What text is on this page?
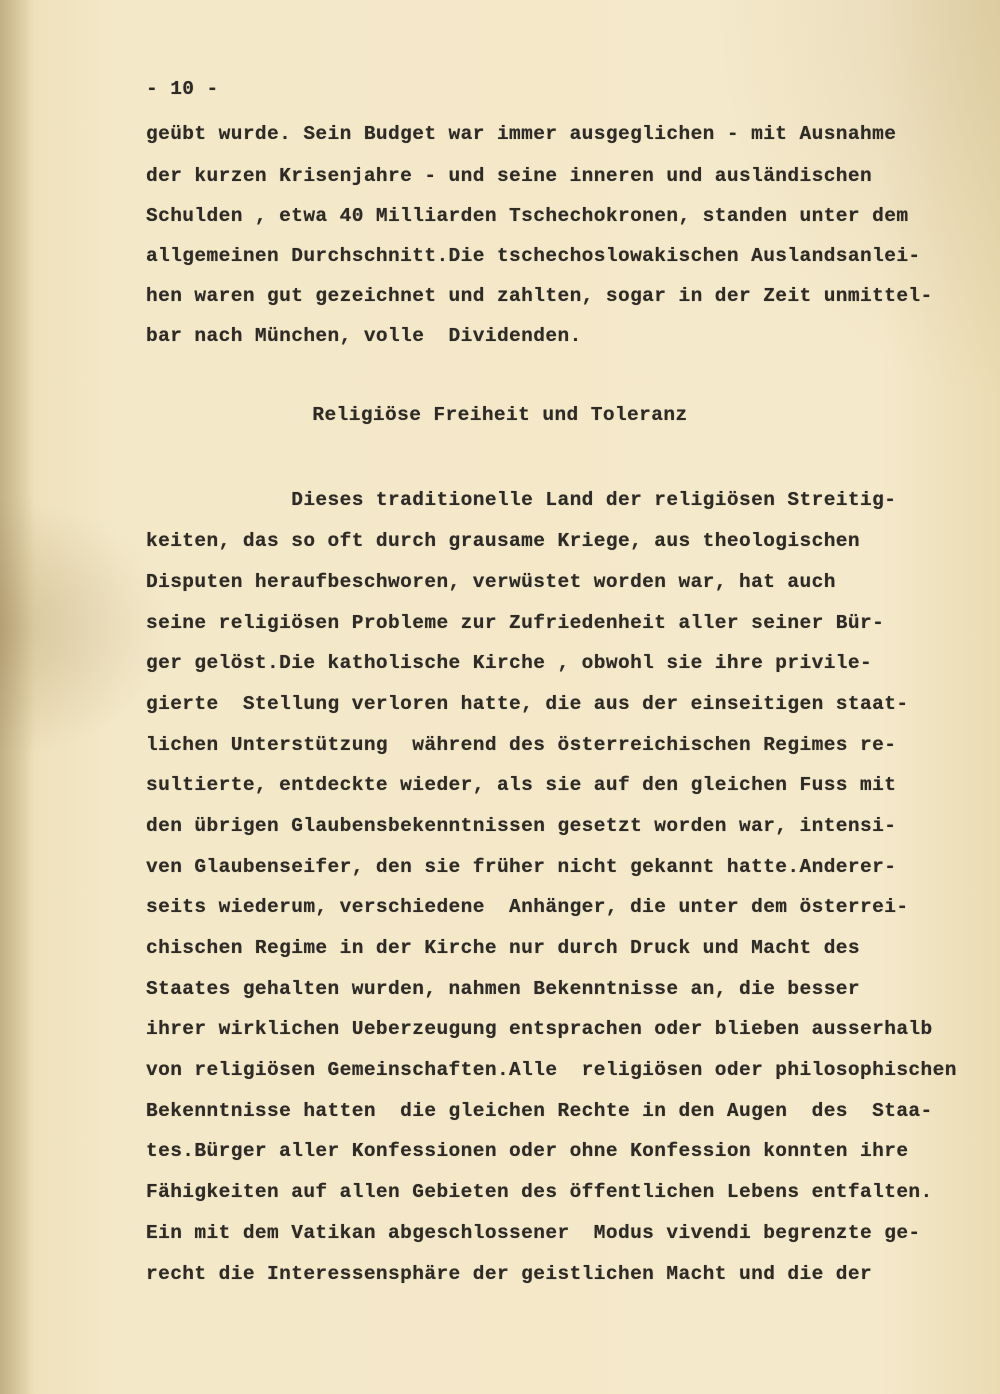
- 10 -
geübt wurde. Sein Budget war immer ausgeglichen - mit Ausnahme
der kurzen Krisenjahre - und seine inneren und ausländischen
Schulden , etwa 40 Milliarden Tschechokronen, standen unter dem
allgemeinen Durchschnitt.Die tschechoslowakischen Auslandsanlei-
hen waren gut gezeichnet und zahlten, sogar in der Zeit unmittel-
bar nach München, volle  Dividenden.
Religiöse Freiheit und Toleranz
Dieses traditionelle Land der religiösen Streitig-
keiten, das so oft durch grausame Kriege, aus theologischen
Disputen heraufbeschworen, verwüstet worden war, hat auch
seine religiösen Probleme zur Zufriedenheit aller seiner Bür-
ger gelöst.Die katholische Kirche , obwohl sie ihre privile-
gierte  Stellung verloren hatte, die aus der einseitigen staat-
lichen Unterstützung  während des österreichischen Regimes re-
sultierte, entdeckte wieder, als sie auf den gleichen Fuss mit
den übrigen Glaubensbekenntnissen gesetzt worden war, intensi-
ven Glaubenseifer, den sie früher nicht gekannt hatte.Anderer-
seits wiederum, verschiedene  Anhänger, die unter dem österrei-
chischen Regime in der Kirche nur durch Druck und Macht des
Staates gehalten wurden, nahmen Bekenntnisse an, die besser
ihrer wirklichen Ueberzeugung entsprachen oder blieben ausserhalb
von religiösen Gemeinschaften.Alle  religiösen oder philosophischen
Bekenntnisse hatten  die gleichen Rechte in den Augen  des  Staa-
tes.Bürger aller Konfessionen oder ohne Konfession konnten ihre
Fähigkeiten auf allen Gebieten des öffentlichen Lebens entfalten.
Ein mit dem Vatikan abgeschlossener  Modus vivendi begrenzte ge-
recht die Interessensphäre der geistlichen Macht und die der
